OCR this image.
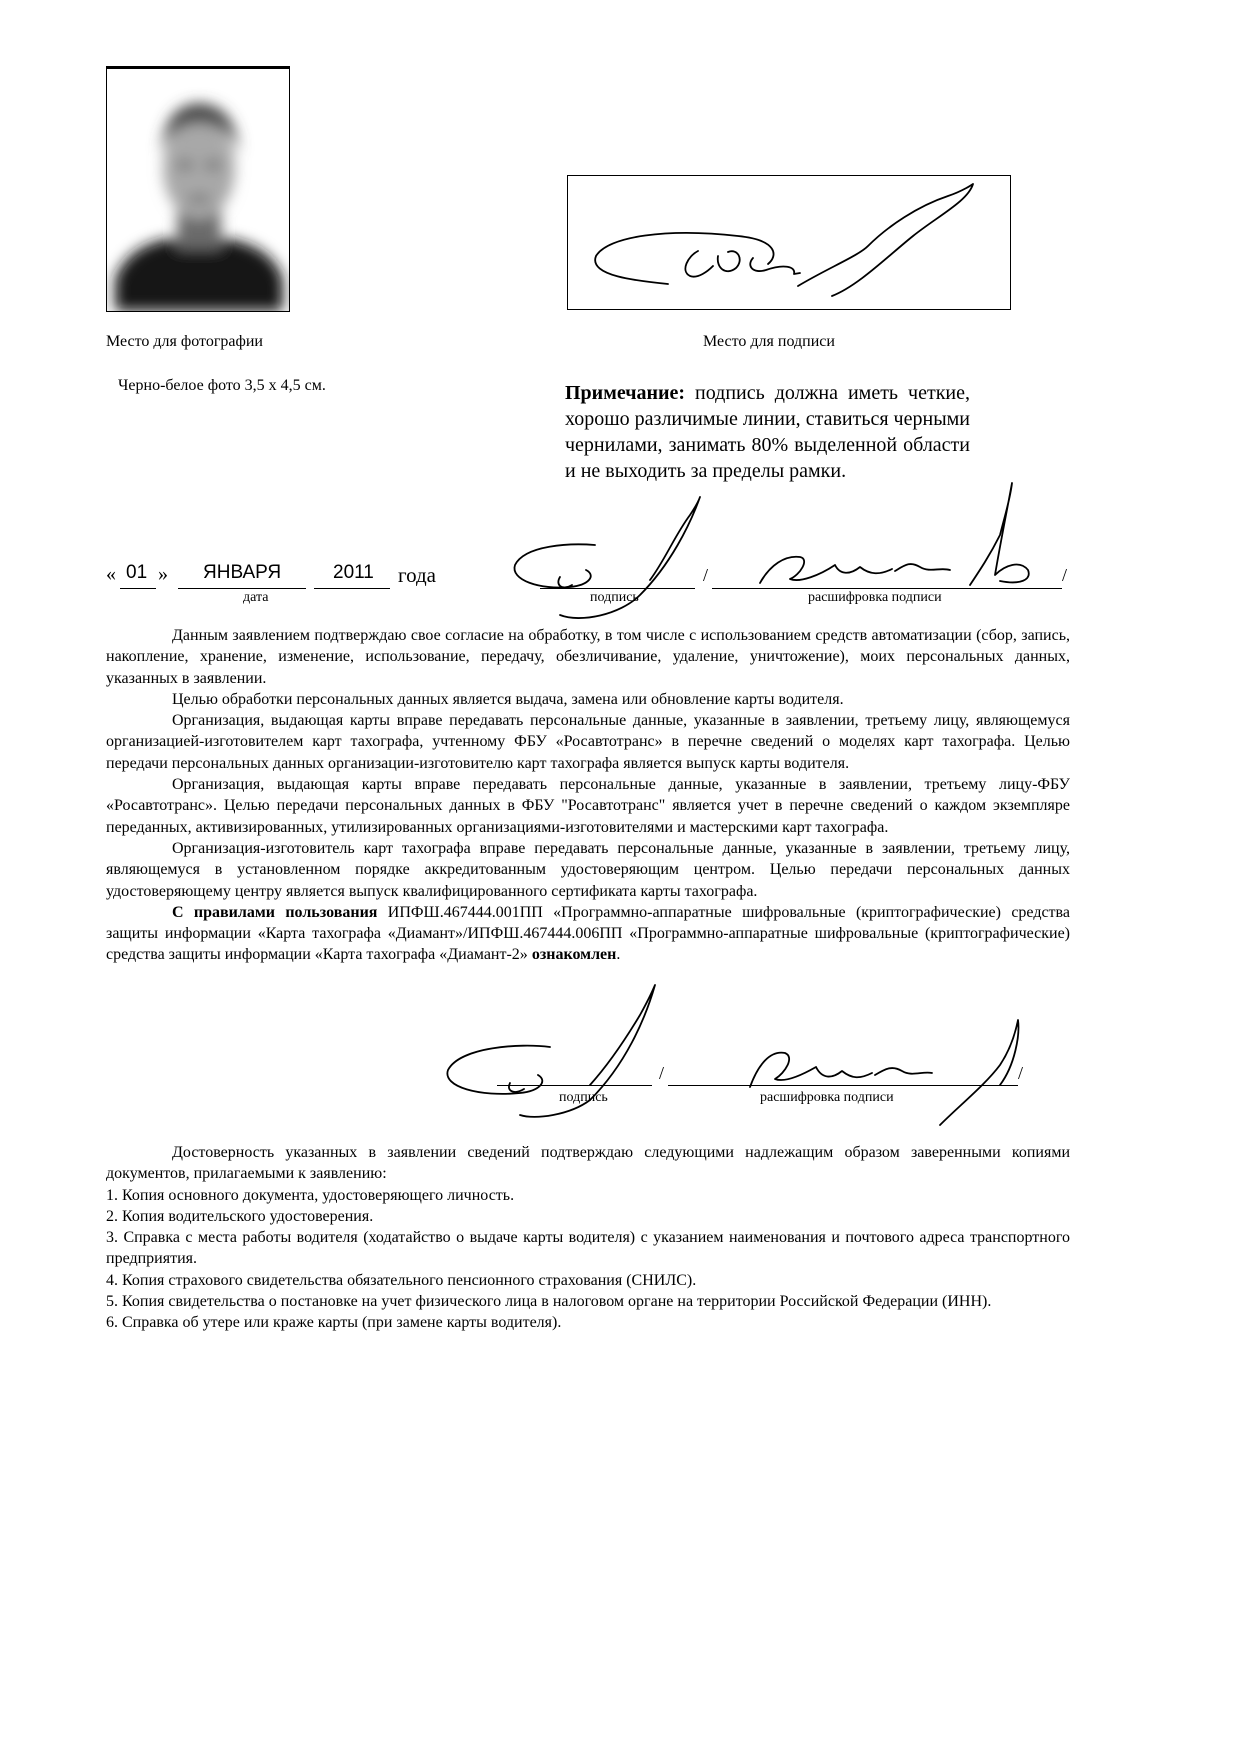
Место для фотографии
Черно-белое фото 3,5 х 4,5 см.
Место для подписи
Примечание: подпись должна иметь четкие, хорошо различимые линии, ставиться черными чернилами, занимать 80% выделенной области и не выходить за пределы рамки.
« 01 » ЯНВАРЯ	2011 года
дата
/	/
подпись	расшифровка подписи

Данным заявлением подтверждаю свое согласие на обработку, в том числе с использованием средств автоматизации (сбор, запись, накопление, хранение, изменение, использование, передачу, обезличивание, удаление, уничтожение), моих персональных данных, указанных в заявлении.

Целью обработки персональных данных является выдача, замена или обновление карты водителя.

Организация, выдающая карты вправе передавать персональные данные, указанные в заявлении, третьему лицу, являющемуся организацией-изготовителем карт тахографа, учтенному ФБУ «Росавтотранс» в перечне сведений о моделях карт тахографа. Целью передачи персональных данных организации-изготовителю карт тахографа является выпуск карты водителя.

Организация, выдающая карты вправе передавать персональные данные, указанные в заявлении, третьему лицу-ФБУ «Росавтотранс». Целью передачи персональных данных в ФБУ "Росавтотранс" является учет в перечне сведений о каждом экземпляре переданных, активизированных, утилизированных организациями-изготовителями и мастерскими карт тахографа.

Организация-изготовитель карт тахографа вправе передавать персональные данные, указанные в заявлении, третьему лицу, являющемуся в установленном порядке аккредитованным удостоверяющим центром. Целью передачи персональных данных удостоверяющему центру является выпуск квалифицированного сертификата карты тахографа.

С правилами пользования ИПФШ.467444.001ПП «Программно-аппаратные шифровальные (криптографические) средства защиты информации «Карта тахографа «Диамант»/ИПФШ.467444.006ПП «Программно-аппаратные шифровальные (криптографические) средства защиты информации «Карта тахографа «Диамант-2» ознакомлен.

/	/
подпись	расшифровка подписи

Достоверность указанных в заявлении сведений подтверждаю следующими надлежащим образом заверенными копиями документов, прилагаемыми к заявлению:

1. Копия основного документа, удостоверяющего личность.
2. Копия водительского удостоверения.
3. Справка с места работы водителя (ходатайство о выдаче карты водителя) с указанием наименования и почтового адреса транспортного предприятия.
4. Копия страхового свидетельства обязательного пенсионного страхования (СНИЛС).
5. Копия свидетельства о постановке на учет физического лица в налоговом органе на территории Российской Федерации (ИНН).
6. Справка об утере или краже карты (при замене карты водителя).
